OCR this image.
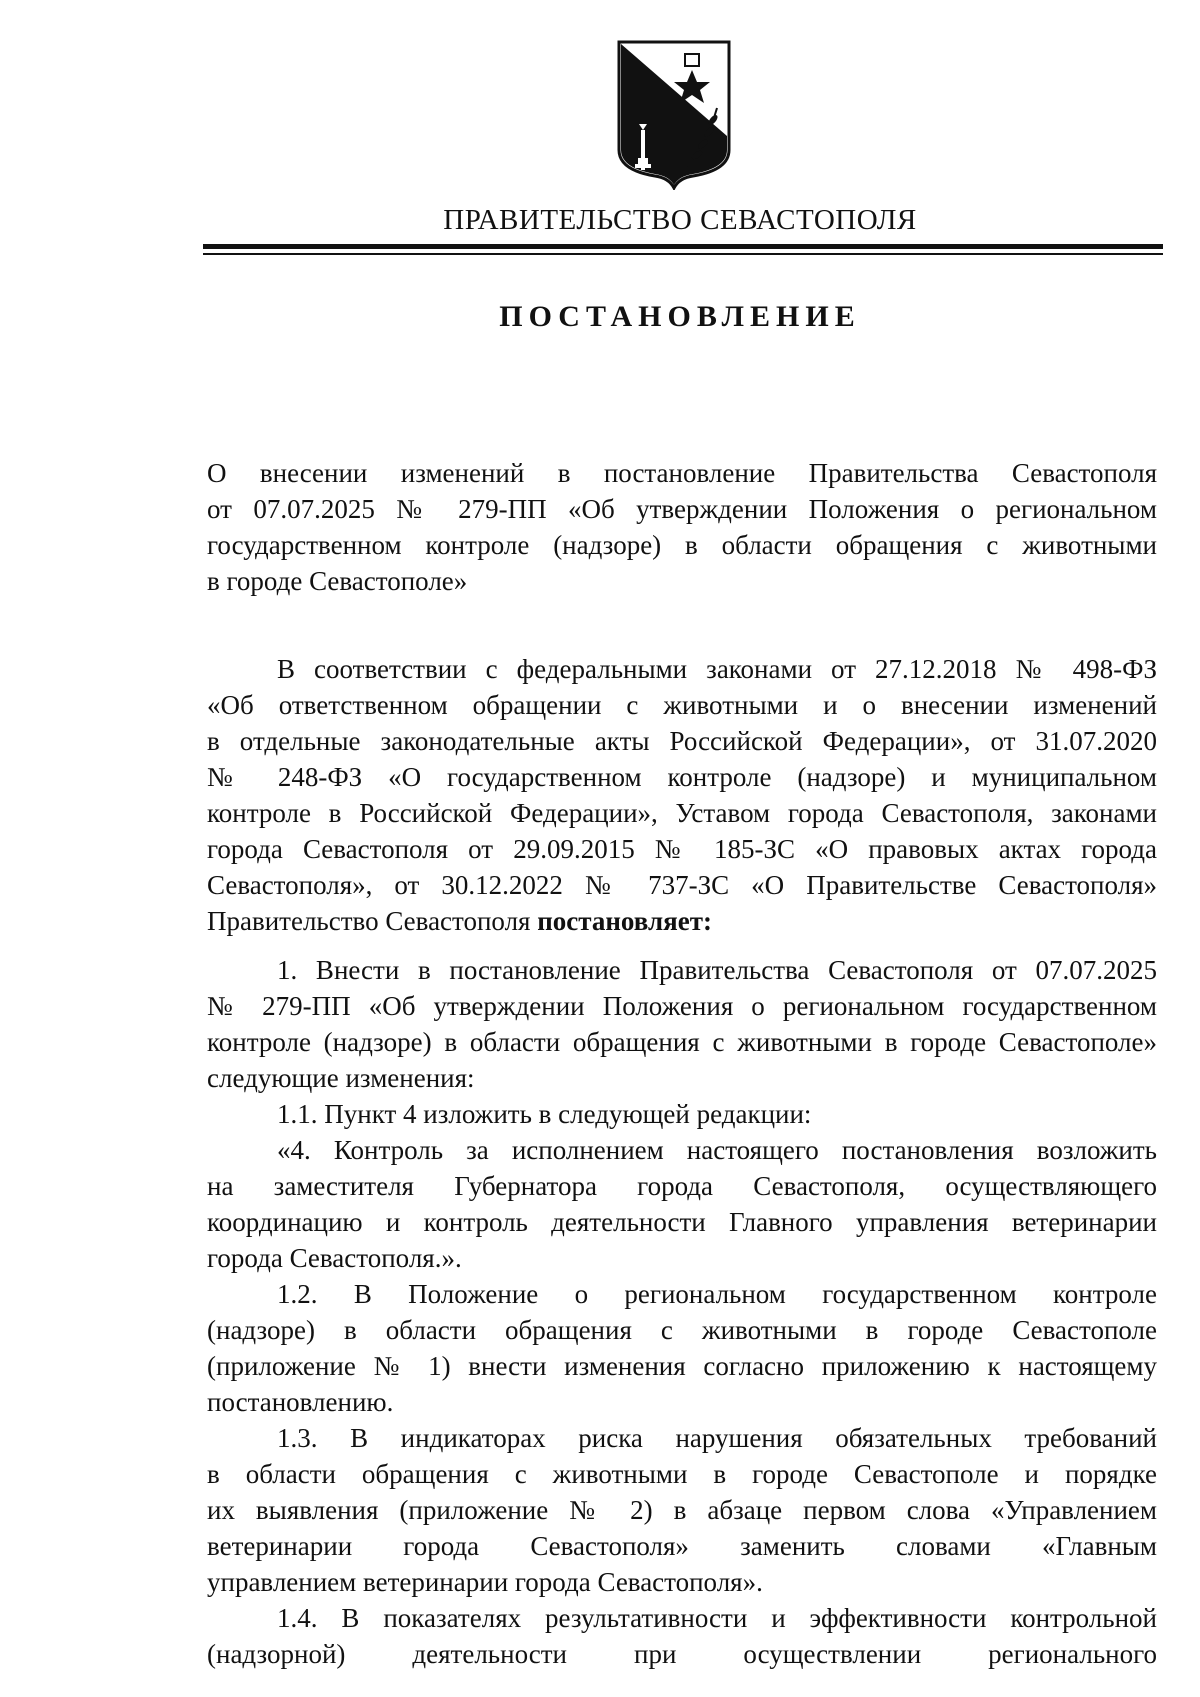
ПРАВИТЕЛЬСТВО СЕВАСТОПОЛЯ
ПОСТАНОВЛЕНИЕ
О внесении изменений в постановление Правительства Севастополя
от 07.07.2025 № 279-ПП «Об утверждении Положения о региональном
государственном контроле (надзоре) в области обращения с животными
в городе Севастополе»
В соответствии с федеральными законами от 27.12.2018 № 498-ФЗ
«Об ответственном обращении с животными и о внесении изменений
в отдельные законодательные акты Российской Федерации», от 31.07.2020
№ 248-ФЗ «О государственном контроле (надзоре) и муниципальном
контроле в Российской Федерации», Уставом города Севастополя, законами
города Севастополя от 29.09.2015 № 185-ЗС «О правовых актах города
Севастополя», от 30.12.2022 № 737-ЗС «О Правительстве Севастополя»
Правительство Севастополя постановляет:
1. Внести в постановление Правительства Севастополя от 07.07.2025
№ 279-ПП «Об утверждении Положения о региональном государственном
контроле (надзоре) в области обращения с животными в городе Севастополе»
следующие изменения:
1.1. Пункт 4 изложить в следующей редакции:
«4. Контроль за исполнением настоящего постановления возложить
на заместителя Губернатора города Севастополя, осуществляющего
координацию и контроль деятельности Главного управления ветеринарии
города Севастополя.».
1.2. В Положение о региональном государственном контроле
(надзоре) в области обращения с животными в городе Севастополе
(приложение № 1) внести изменения согласно приложению к настоящему
постановлению.
1.3. В индикаторах риска нарушения обязательных требований
в области обращения с животными в городе Севастополе и порядке
их выявления (приложение № 2) в абзаце первом слова «Управлением
ветеринарии города Севастополя» заменить словами «Главным
управлением ветеринарии города Севастополя».
1.4. В показателях результативности и эффективности контрольной
(надзорной) деятельности при осуществлении регионального
